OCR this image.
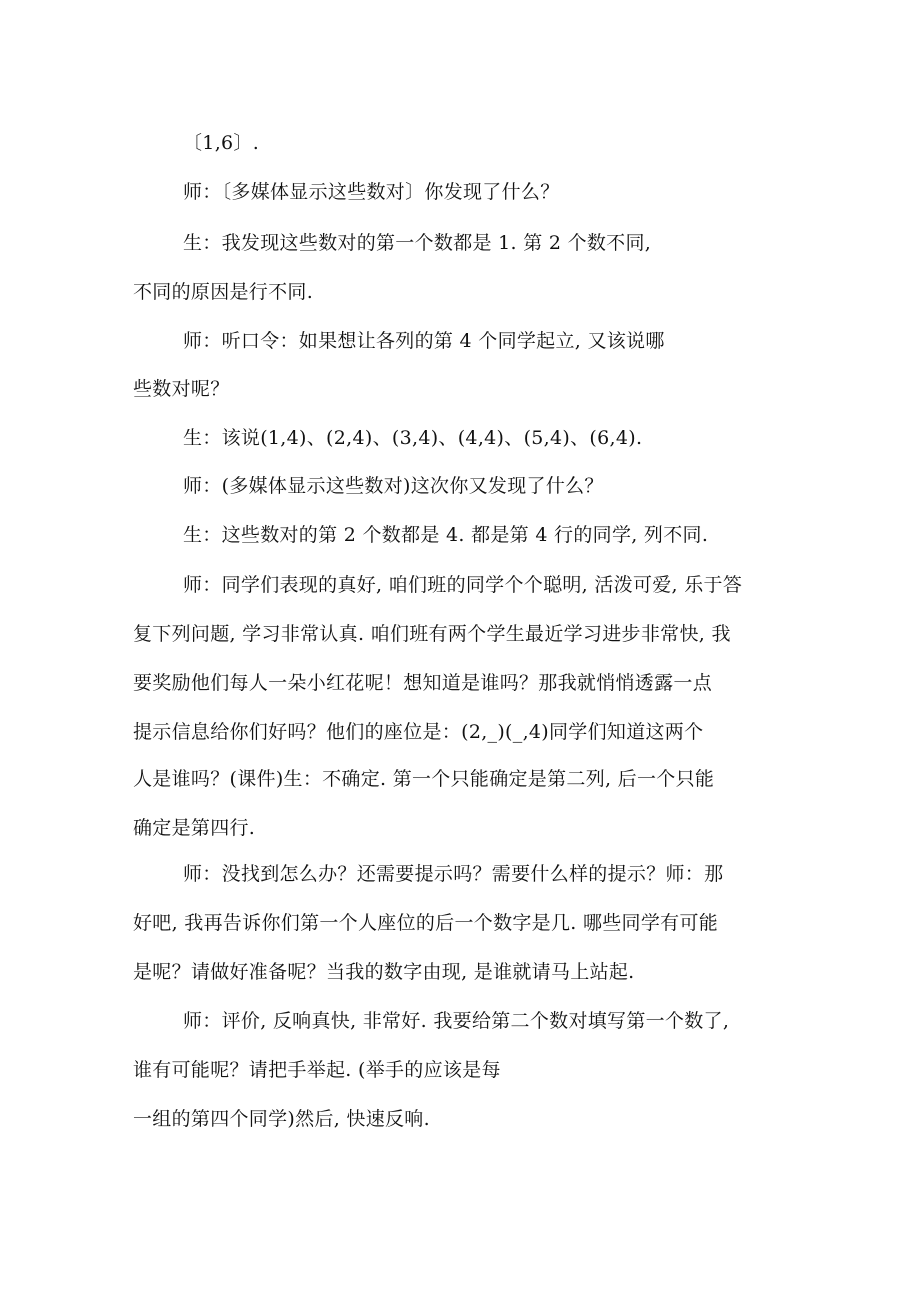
〔1,6〕.
师：〔多媒体显示这些数对〕你发现了什么？
生：我发现这些数对的第一个数都是 1. 第 2 个数不同,
不同的原因是行不同.
师：听口令：如果想让各列的第 4 个同学起立, 又该说哪
些数对呢？
生：该说(1,4)、(2,4)、(3,4)、(4,4)、(5,4)、(6,4).
师：(多媒体显示这些数对)这次你又发现了什么？
生：这些数对的第 2 个数都是 4. 都是第 4 行的同学, 列不同.
师：同学们表现的真好, 咱们班的同学个个聪明, 活泼可爱, 乐于答
复下列问题, 学习非常认真. 咱们班有两个学生最近学习进步非常快, 我
要奖励他们每人一朵小红花呢！想知道是谁吗？那我就悄悄透露一点
提示信息给你们好吗？他们的座位是：(2,_)(_,4)同学们知道这两个
人是谁吗？(课件)生：不确定. 第一个只能确定是第二列, 后一个只能
确定是第四行.
师：没找到怎么办？还需要提示吗？需要什么样的提示？师：那
好吧, 我再告诉你们第一个人座位的后一个数字是几. 哪些同学有可能
是呢？请做好准备呢？当我的数字由现, 是谁就请马上站起.
师：评价, 反响真快, 非常好. 我要给第二个数对填写第一个数了,
谁有可能呢？请把手举起. (举手的应该是每
一组的第四个同学)然后, 快速反响.
